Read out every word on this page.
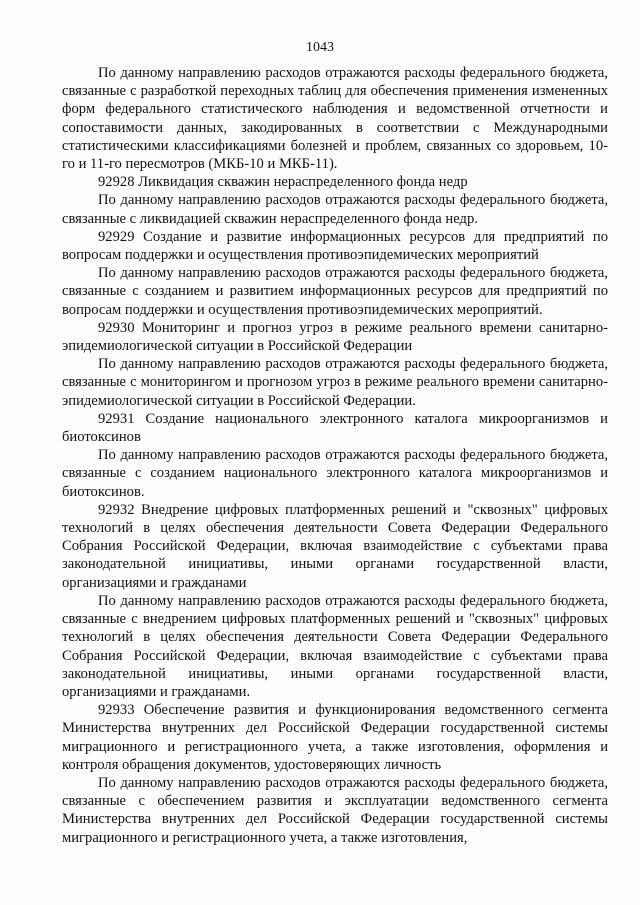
1043

По данному направлению расходов отражаются расходы федерального бюджета, связанные с разработкой переходных таблиц для обеспечения применения измененных форм федерального статистического наблюдения и ведомственной отчетности и сопоставимости данных, закодированных в соответствии с Международными статистическими классификациями болезней и проблем, связанных со здоровьем, 10-го и 11-го пересмотров (МКБ-10 и МКБ-11).

92928 Ликвидация скважин нераспределенного фонда недр

По данному направлению расходов отражаются расходы федерального бюджета, связанные с ликвидацией скважин нераспределенного фонда недр.

92929 Создание и развитие информационных ресурсов для предприятий по вопросам поддержки и осуществления противоэпидемических мероприятий

По данному направлению расходов отражаются расходы федерального бюджета, связанные с созданием и развитием информационных ресурсов для предприятий по вопросам поддержки и осуществления противоэпидемических мероприятий.

92930 Мониторинг и прогноз угроз в режиме реального времени санитарно-эпидемиологической ситуации в Российской Федерации

По данному направлению расходов отражаются расходы федерального бюджета, связанные с мониторингом и прогнозом угроз в режиме реального времени санитарно-эпидемиологической ситуации в Российской Федерации.

92931 Создание национального электронного каталога микроорганизмов и биотоксинов

По данному направлению расходов отражаются расходы федерального бюджета, связанные с созданием национального электронного каталога микроорганизмов и биотоксинов.

92932 Внедрение цифровых платформенных решений и "сквозных" цифровых технологий в целях обеспечения деятельности Совета Федерации Федерального Собрания Российской Федерации, включая взаимодействие с субъектами права законодательной инициативы, иными органами государственной власти, организациями и гражданами

По данному направлению расходов отражаются расходы федерального бюджета, связанные с внедрением цифровых платформенных решений и "сквозных" цифровых технологий в целях обеспечения деятельности Совета Федерации Федерального Собрания Российской Федерации, включая взаимодействие с субъектами права законодательной инициативы, иными органами государственной власти, организациями и гражданами.

92933 Обеспечение развития и функционирования ведомственного сегмента Министерства внутренних дел Российской Федерации государственной системы миграционного и регистрационного учета, а также изготовления, оформления и контроля обращения документов, удостоверяющих личность

По данному направлению расходов отражаются расходы федерального бюджета, связанные с обеспечением развития и эксплуатации ведомственного сегмента Министерства внутренних дел Российской Федерации государственной системы миграционного и регистрационного учета, а также изготовления,
